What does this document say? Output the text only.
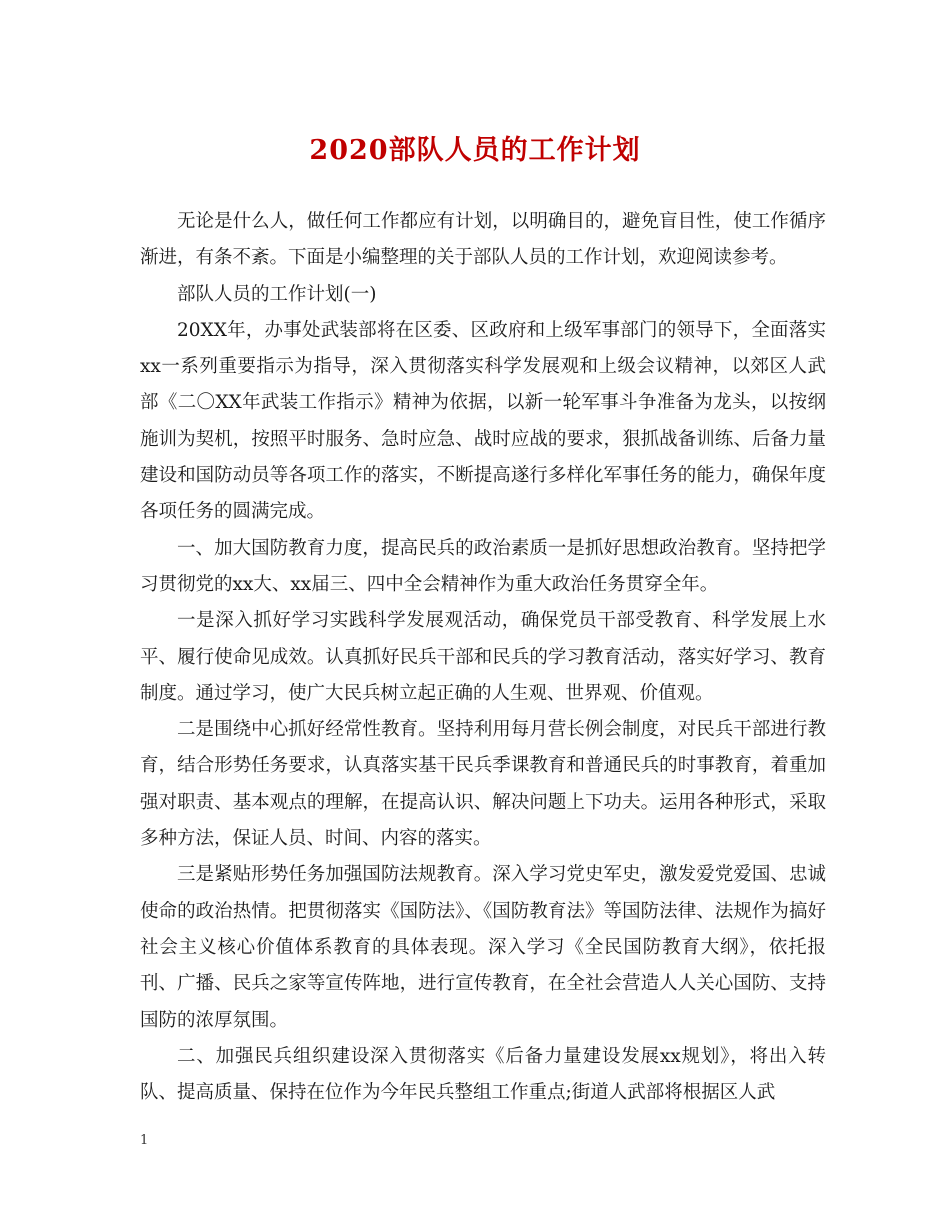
2020部队人员的工作计划

无论是什么人，做任何工作都应有计划，以明确目的，避免盲目性，使工作循序渐进，有条不紊。下面是小编整理的关于部队人员的工作计划，欢迎阅读参考。

部队人员的工作计划(一)

20XX年，办事处武装部将在区委、区政府和上级军事部门的领导下，全面落实xx一系列重要指示为指导，深入贯彻落实科学发展观和上级会议精神，以郊区人武部《二〇XX年武装工作指示》精神为依据，以新一轮军事斗争准备为龙头，以按纲施训为契机，按照平时服务、急时应急、战时应战的要求，狠抓战备训练、后备力量建设和国防动员等各项工作的落实，不断提高遂行多样化军事任务的能力，确保年度各项任务的圆满完成。

一、加大国防教育力度，提高民兵的政治素质一是抓好思想政治教育。坚持把学习贯彻党的xx大、xx届三、四中全会精神作为重大政治任务贯穿全年。

一是深入抓好学习实践科学发展观活动，确保党员干部受教育、科学发展上水平、履行使命见成效。认真抓好民兵干部和民兵的学习教育活动，落实好学习、教育制度。通过学习，使广大民兵树立起正确的人生观、世界观、价值观。

二是围绕中心抓好经常性教育。坚持利用每月营长例会制度，对民兵干部进行教育，结合形势任务要求，认真落实基干民兵季课教育和普通民兵的时事教育，着重加强对职责、基本观点的理解，在提高认识、解决问题上下功夫。运用各种形式，采取多种方法，保证人员、时间、内容的落实。

三是紧贴形势任务加强国防法规教育。深入学习党史军史，激发爱党爱国、忠诚使命的政治热情。把贯彻落实《国防法》、《国防教育法》等国防法律、法规作为搞好社会主义核心价值体系教育的具体表现。深入学习《全民国防教育大纲》，依托报刊、广播、民兵之家等宣传阵地，进行宣传教育，在全社会营造人人关心国防、支持国防的浓厚氛围。

二、加强民兵组织建设深入贯彻落实《后备力量建设发展xx规划》，将出入转队、提高质量、保持在位作为今年民兵整组工作重点;街道人武部将根据区人武

1
